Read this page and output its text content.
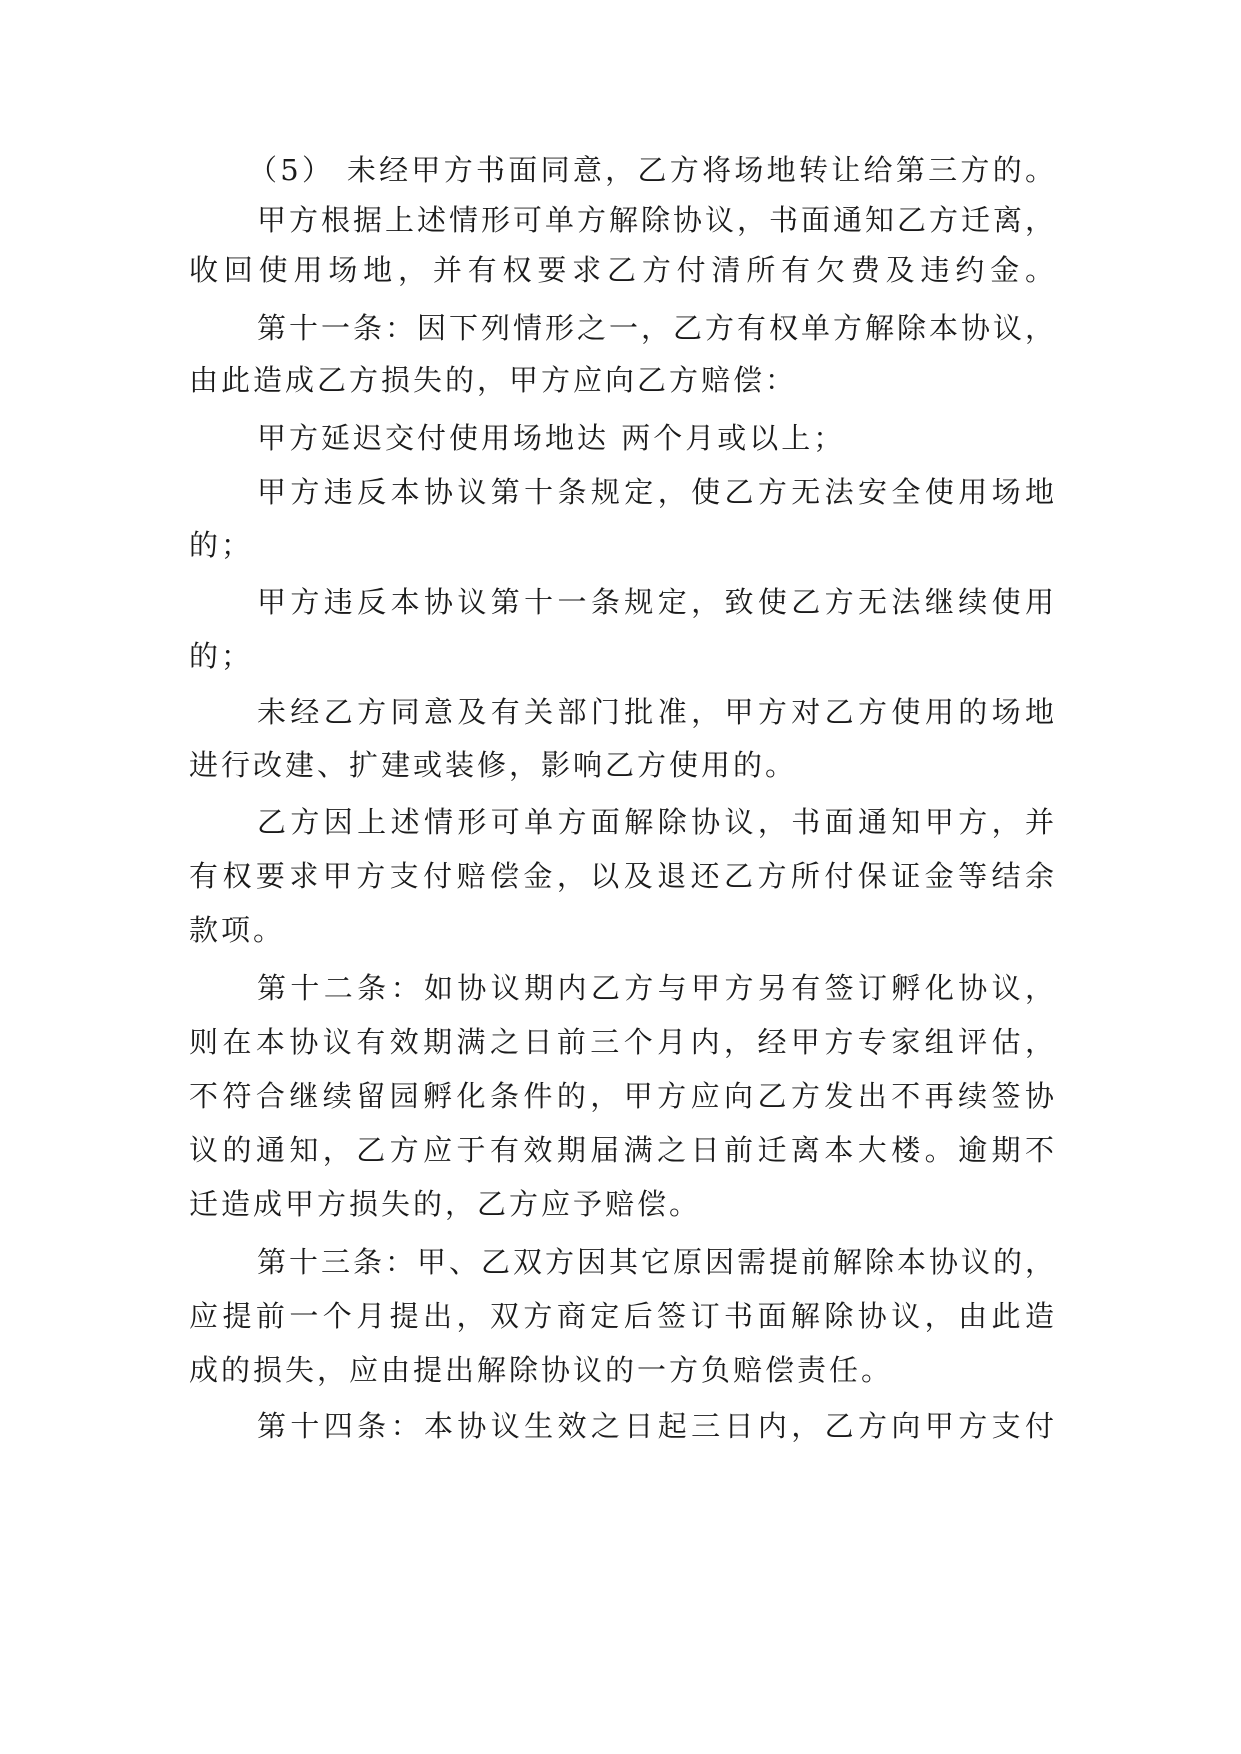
（5） 未经甲方书面同意，乙方将场地转让给第三方的。
甲方根据上述情形可单方解除协议，书面通知乙方迁离，
收回使用场地，并有权要求乙方付清所有欠费及违约金。
第十一条：因下列情形之一，乙方有权单方解除本协议，
由此造成乙方损失的，甲方应向乙方赔偿：
甲方延迟交付使用场地达 两个月或以上；
甲方违反本协议第十条规定，使乙方无法安全使用场地
的；
甲方违反本协议第十一条规定，致使乙方无法继续使用
的；
未经乙方同意及有关部门批准，甲方对乙方使用的场地
进行改建、扩建或装修，影响乙方使用的。
乙方因上述情形可单方面解除协议，书面通知甲方，并
有权要求甲方支付赔偿金，以及退还乙方所付保证金等结余
款项。
第十二条：如协议期内乙方与甲方另有签订孵化协议，
则在本协议有效期满之日前三个月内，经甲方专家组评估，
不符合继续留园孵化条件的，甲方应向乙方发出不再续签协
议的通知，乙方应于有效期届满之日前迁离本大楼。逾期不
迁造成甲方损失的，乙方应予赔偿。
第十三条：甲、乙双方因其它原因需提前解除本协议的，
应提前一个月提出，双方商定后签订书面解除协议，由此造
成的损失，应由提出解除协议的一方负赔偿责任。
第十四条：本协议生效之日起三日内，乙方向甲方支付
